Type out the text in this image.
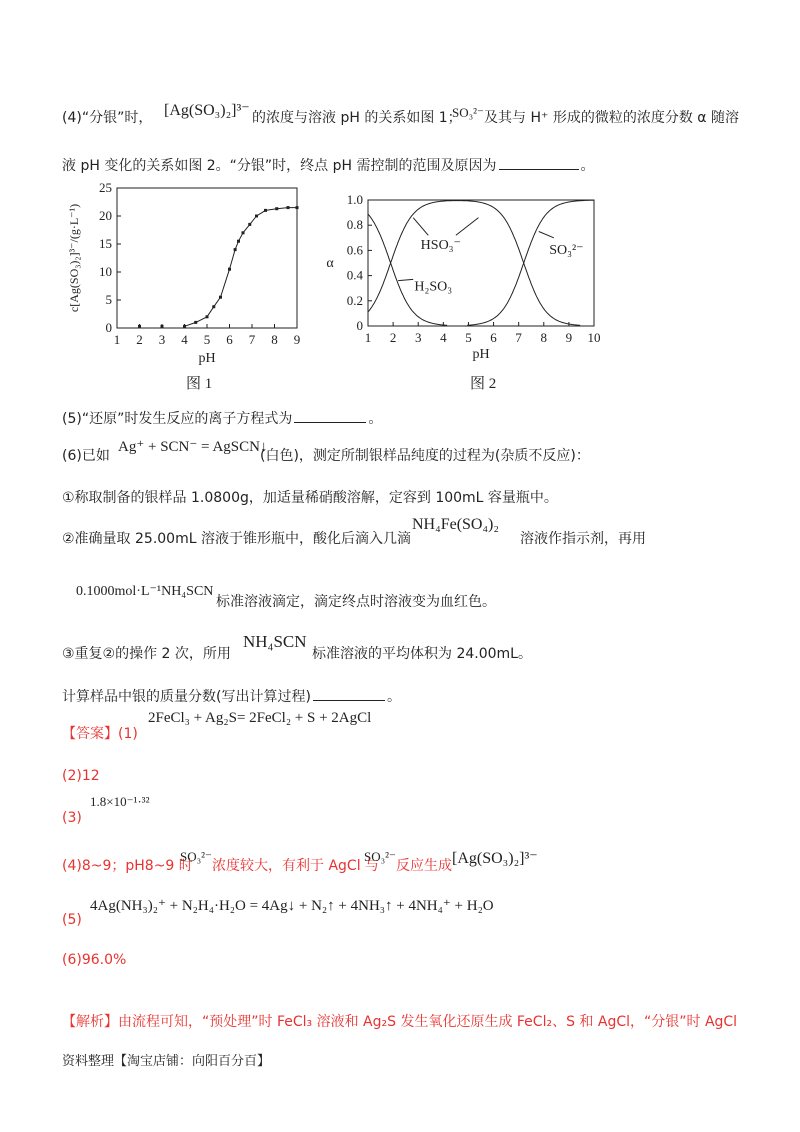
(4)“分银”时， [Ag(SO₃)₂]³⁻ 的浓度与溶液 pH 的关系如图 1；
SO₃²⁻ 及其与 H⁺ 形成的微粒的浓度分数 α 随溶
液 pH 变化的关系如图 2。“分银”时，终点 pH 需控制的范围及原因为	。
1 2 3 4 5 6 7 8 9
0
5
10
15
20
25
pH
c[Ag(SO₃)₂]³⁻/(g·L⁻¹)
图 1
1 2 3 4 5 6 7 8 9 10
0
0.2
0.4
0.6
0.8
1.0
pH
α
HSO₃⁻
H₂SO₃
SO₃²⁻
图 2
(5)“还原”时发生反应的离子方程式为	。
(6)已如
Ag⁺ + SCN⁻ = AgSCN↓
(白色)，测定所制银样品纯度的过程为(杂质不反应)：
①称取制备的银样品 1.0800g，加适量稀硝酸溶解，定容到 100mL 容量瓶中。
②准确量取 25.00mL 溶液于锥形瓶中，酸化后滴入几滴
NH₄Fe(SO₄)₂
溶液作指示剂，再用
0.1000mol·L⁻¹NH₄SCN
标准溶液滴定，滴定终点时溶液变为血红色。
③重复②的操作 2 次，所用
NH₄SCN
标准溶液的平均体积为 24.00mL。
计算样品中银的质量分数(写出计算过程)	。
2FeCl₃ + Ag₂S= 2FeCl₂ + S + 2AgCl
【答案】(1)
(2)12
1.8×10⁻¹·³²
(3)
(4)8~9；pH8~9 时
SO₃²⁻
浓度较大，有利于 AgCl 与
SO₃²⁻
反应生成 [Ag(SO₃)₂]³⁻
4Ag(NH₃)₂⁺ + N₂H₄·H₂O = 4Ag↓ + N₂↑ + 4NH₃↑ + 4NH₄⁺ + H₂O
(5)
(6)96.0%
【解析】由流程可知，“预处理”时 FeCl₃ 溶液和 Ag₂S 发生氧化还原生成 FeCl₂、S 和 AgCl，“分银”时 AgCl
资料整理【淘宝店铺：向阳百分百】
